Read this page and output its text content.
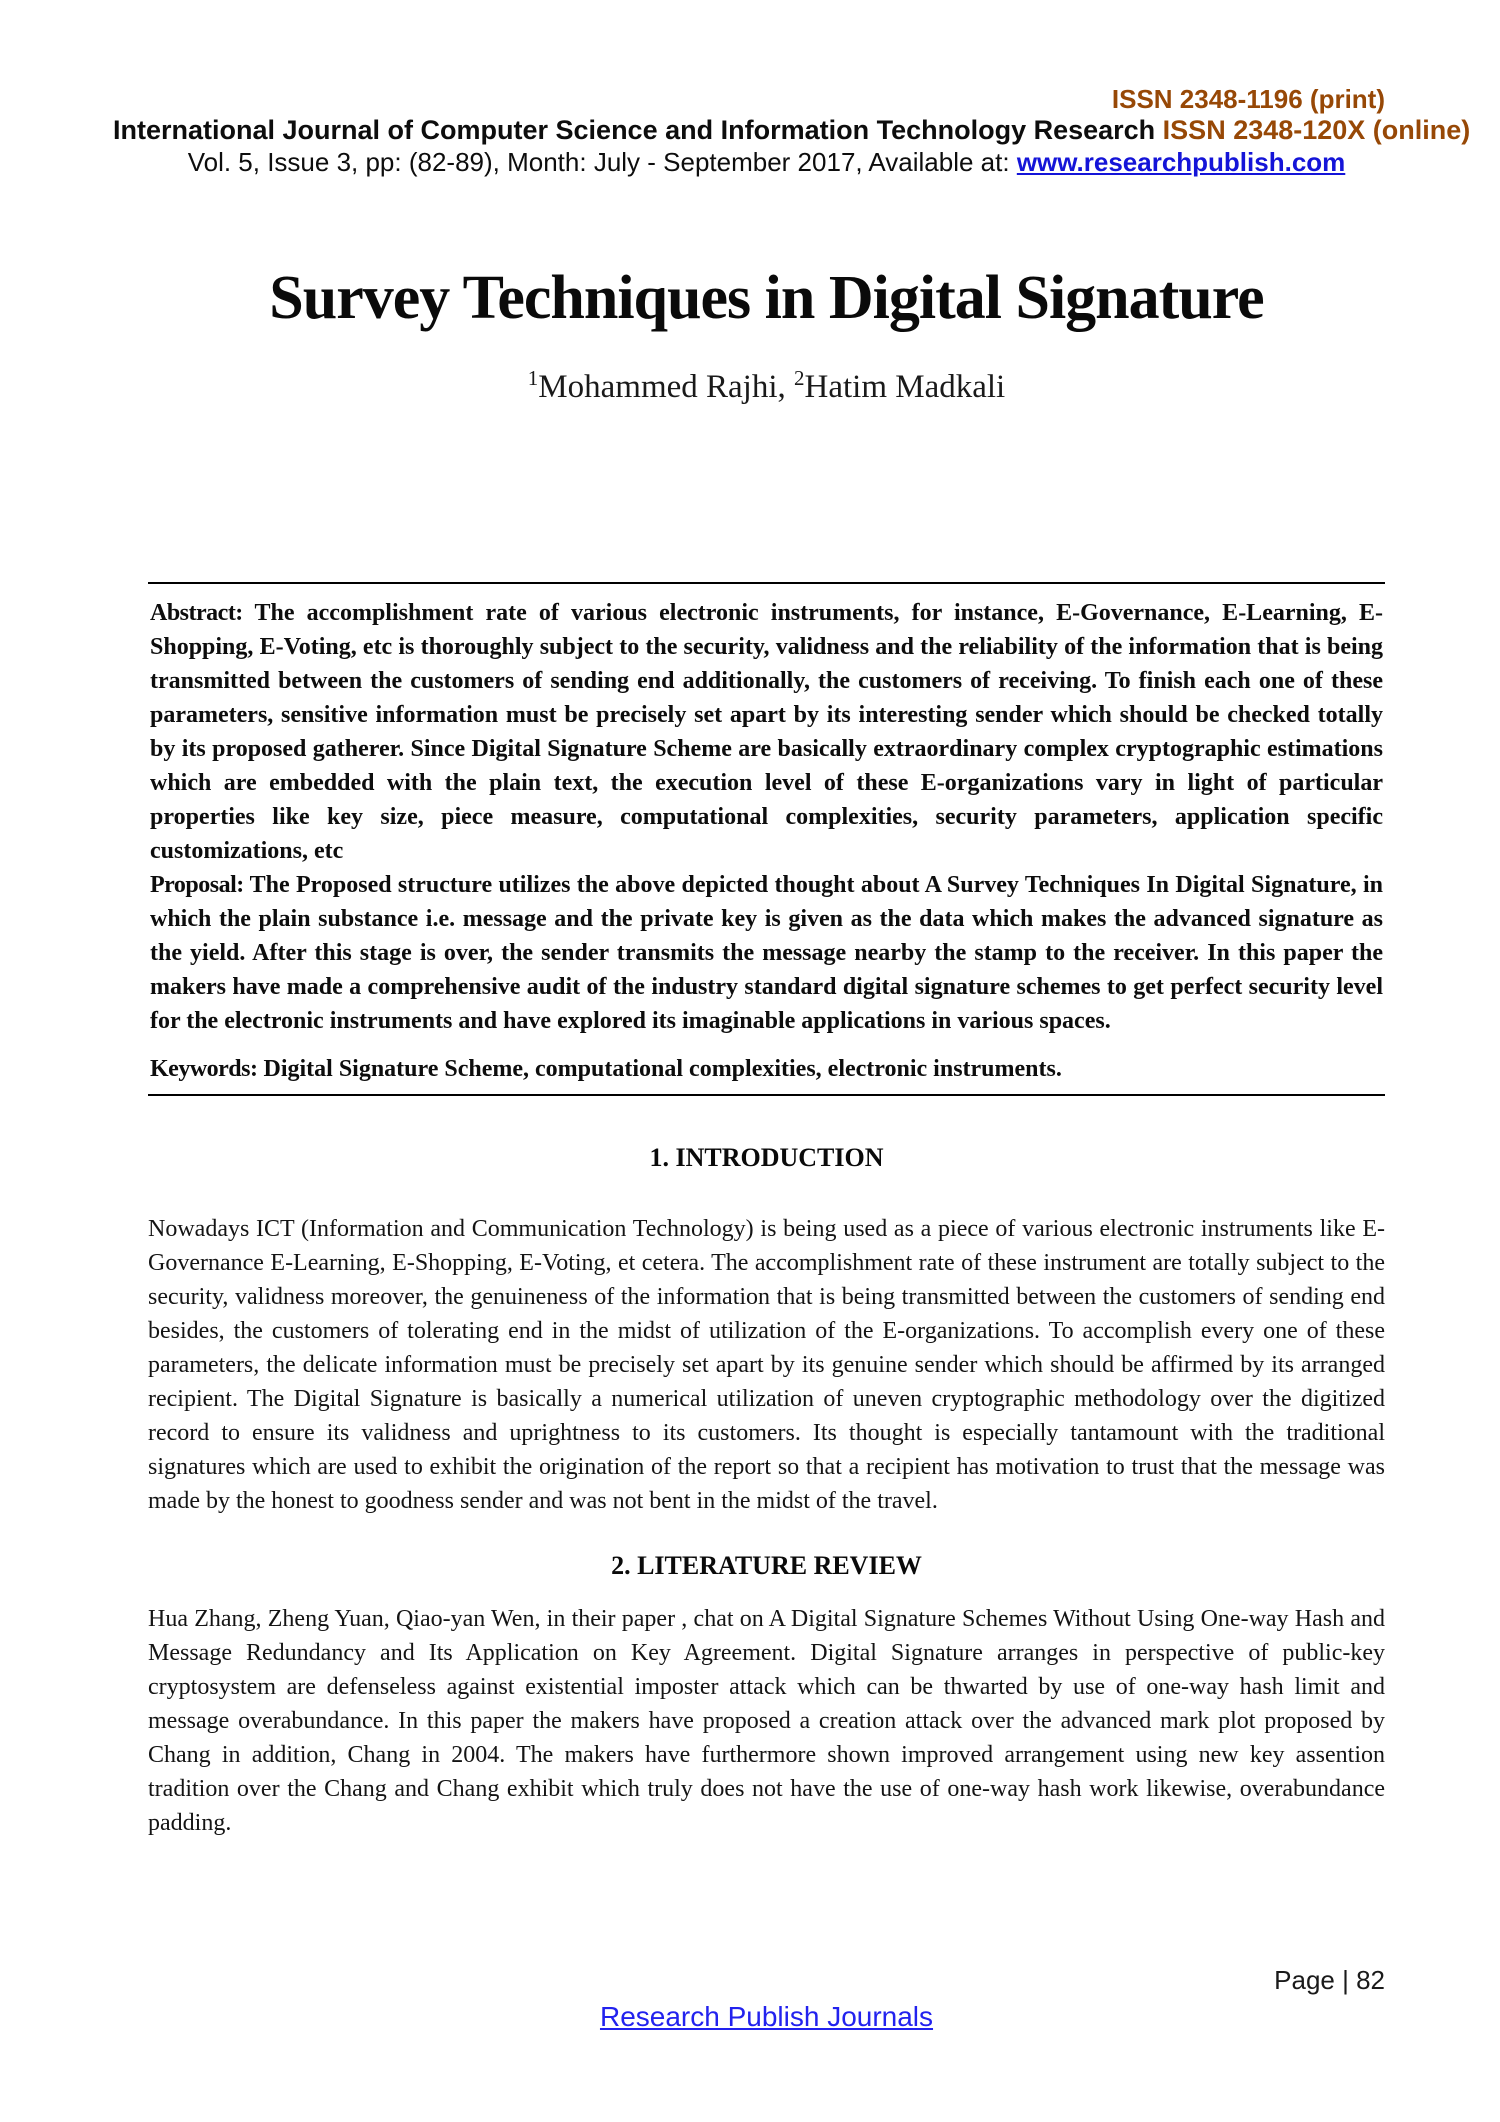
ISSN 2348-1196 (print)
International Journal of Computer Science and Information Technology Research ISSN 2348-120X (online)
Vol. 5, Issue 3, pp: (82-89), Month: July - September 2017, Available at: www.researchpublish.com
Survey Techniques in Digital Signature
$^1$Mohammed Rajhi, $^2$Hatim Madkali

Abstract: The accomplishment rate of various electronic instruments, for instance, E-Governance, E-Learning, E-Shopping, E-Voting, etc is thoroughly subject to the security, validness and the reliability of the information that is being transmitted between the customers of sending end additionally, the customers of receiving. To finish each one of these parameters, sensitive information must be precisely set apart by its interesting sender which should be checked totally by its proposed gatherer. Since Digital Signature Scheme are basically extraordinary complex cryptographic estimations which are embedded with the plain text, the execution level of these E-organizations vary in light of particular properties like key size, piece measure, computational complexities, security parameters, application specific customizations, etc

Proposal: The Proposed structure utilizes the above depicted thought about A Survey Techniques In Digital Signature, in which the plain substance i.e. message and the private key is given as the data which makes the advanced signature as the yield. After this stage is over, the sender transmits the message nearby the stamp to the receiver. In this paper the makers have made a comprehensive audit of the industry standard digital signature schemes to get perfect security level for the electronic instruments and have explored its imaginable applications in various spaces.

Keywords: Digital Signature Scheme, computational complexities, electronic instruments.

1. INTRODUCTION

Nowadays ICT (Information and Communication Technology) is being used as a piece of various electronic instruments like E-Governance E-Learning, E-Shopping, E-Voting, et cetera. The accomplishment rate of these instrument are totally subject to the security, validness moreover, the genuineness of the information that is being transmitted between the customers of sending end besides, the customers of tolerating end in the midst of utilization of the E-organizations. To accomplish every one of these parameters, the delicate information must be precisely set apart by its genuine sender which should be affirmed by its arranged recipient. The Digital Signature is basically a numerical utilization of uneven cryptographic methodology over the digitized record to ensure its validness and uprightness to its customers. Its thought is especially tantamount with the traditional signatures which are used to exhibit the origination of the report so that a recipient has motivation to trust that the message was made by the honest to goodness sender and was not bent in the midst of the travel.

2. LITERATURE REVIEW

Hua Zhang, Zheng Yuan, Qiao-yan Wen, in their paper , chat on A Digital Signature Schemes Without Using One-way Hash and Message Redundancy and Its Application on Key Agreement. Digital Signature arranges in perspective of public-key cryptosystem are defenseless against existential imposter attack which can be thwarted by use of one-way hash limit and message overabundance. In this paper the makers have proposed a creation attack over the advanced mark plot proposed by Chang in addition, Chang in 2004. The makers have furthermore shown improved arrangement using new key assention tradition over the Chang and Chang exhibit which truly does not have the use of one-way hash work likewise, overabundance padding.

Page | 82
Research Publish Journals
